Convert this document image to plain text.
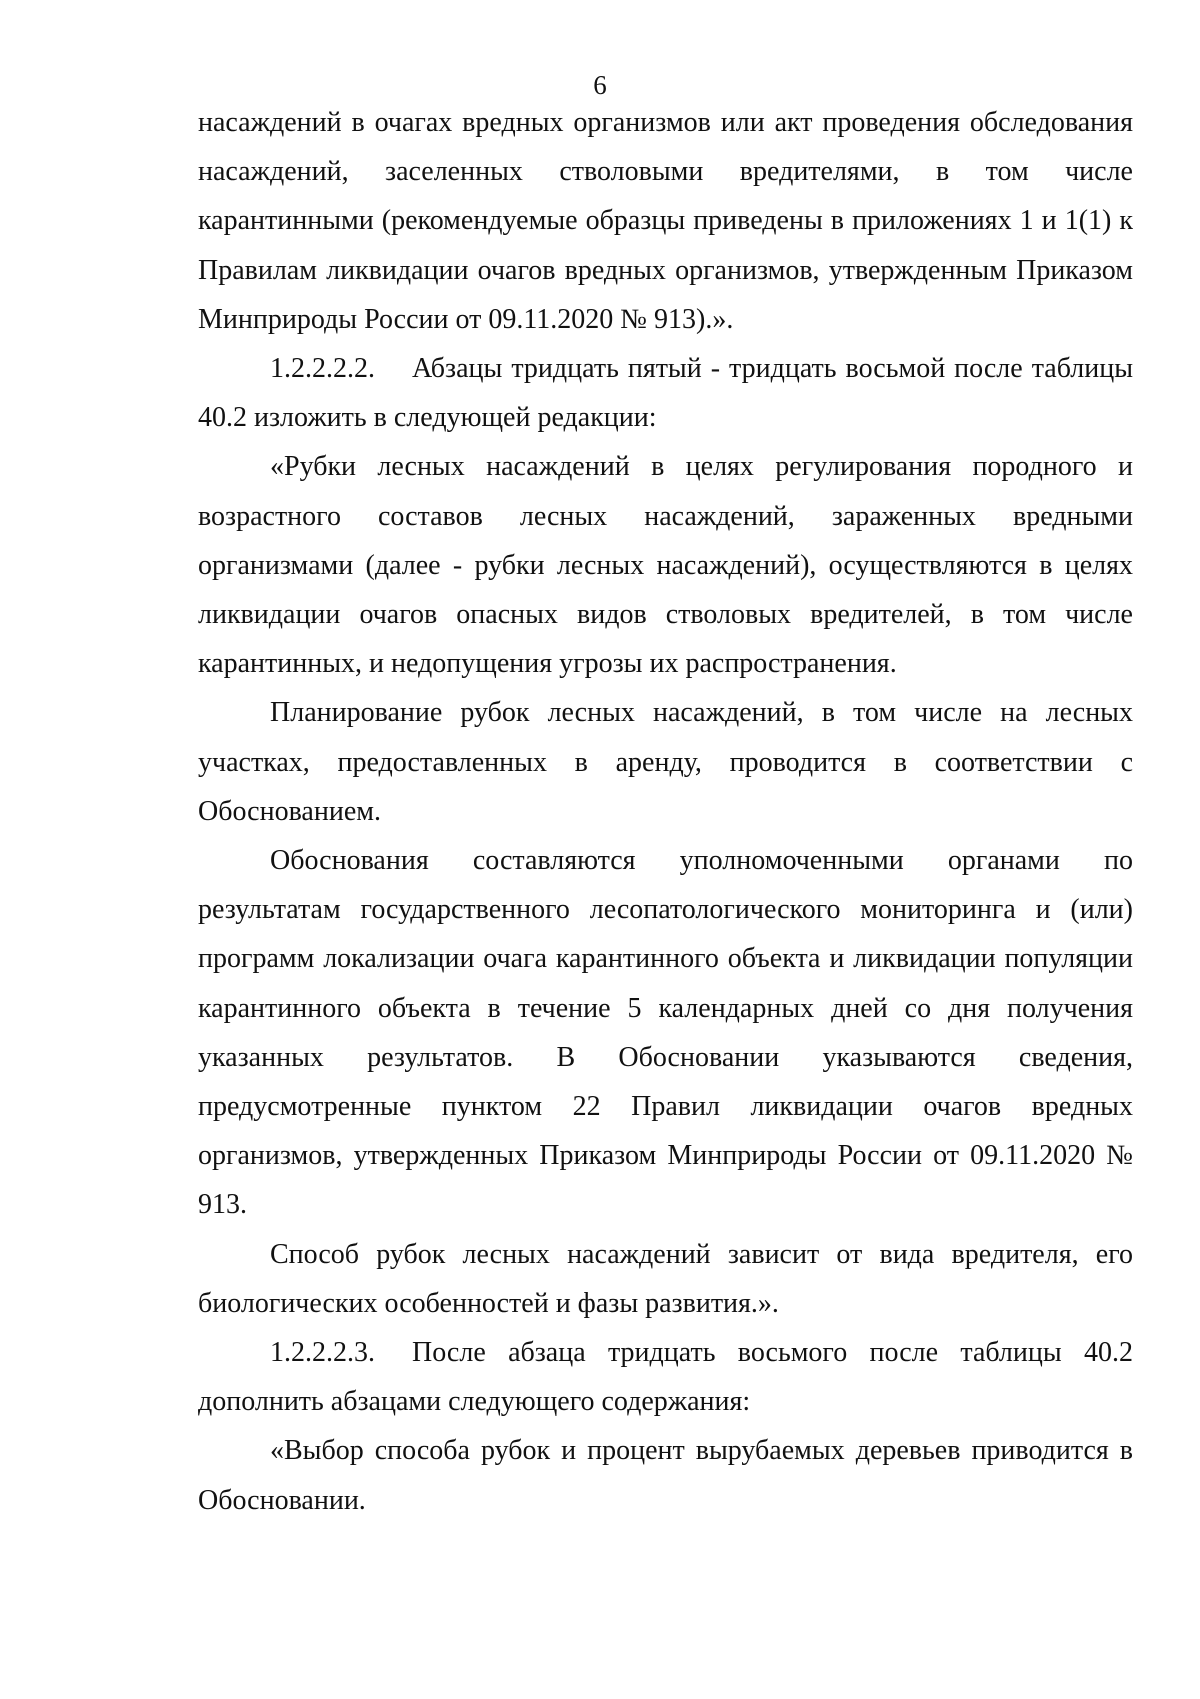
6

насаждений в очагах вредных организмов или акт проведения обследования насаждений, заселенных стволовыми вредителями, в том числе карантинными (рекомендуемые образцы приведены в приложениях 1 и 1(1) к Правилам ликвидации очагов вредных организмов, утвержденным Приказом Минприроды России от 09.11.2020 № 913).».

1.2.2.2.2. Абзацы тридцать пятый - тридцать восьмой после таблицы 40.2 изложить в следующей редакции:

«Рубки лесных насаждений в целях регулирования породного и возрастного составов лесных насаждений, зараженных вредными организмами (далее - рубки лесных насаждений), осуществляются в целях ликвидации очагов опасных видов стволовых вредителей, в том числе карантинных, и недопущения угрозы их распространения.

Планирование рубок лесных насаждений, в том числе на лесных участках, предоставленных в аренду, проводится в соответствии с Обоснованием.

Обоснования составляются уполномоченными органами по результатам государственного лесопатологического мониторинга и (или) программ локализации очага карантинного объекта и ликвидации популяции карантинного объекта в течение 5 календарных дней со дня получения указанных результатов. В Обосновании указываются сведения, предусмотренные пунктом 22 Правил ликвидации очагов вредных организмов, утвержденных Приказом Минприроды России от 09.11.2020 № 913.

Способ рубок лесных насаждений зависит от вида вредителя, его биологических особенностей и фазы развития.».

1.2.2.2.3. После абзаца тридцать восьмого после таблицы 40.2 дополнить абзацами следующего содержания:

«Выбор способа рубок и процент вырубаемых деревьев приводится в Обосновании.
